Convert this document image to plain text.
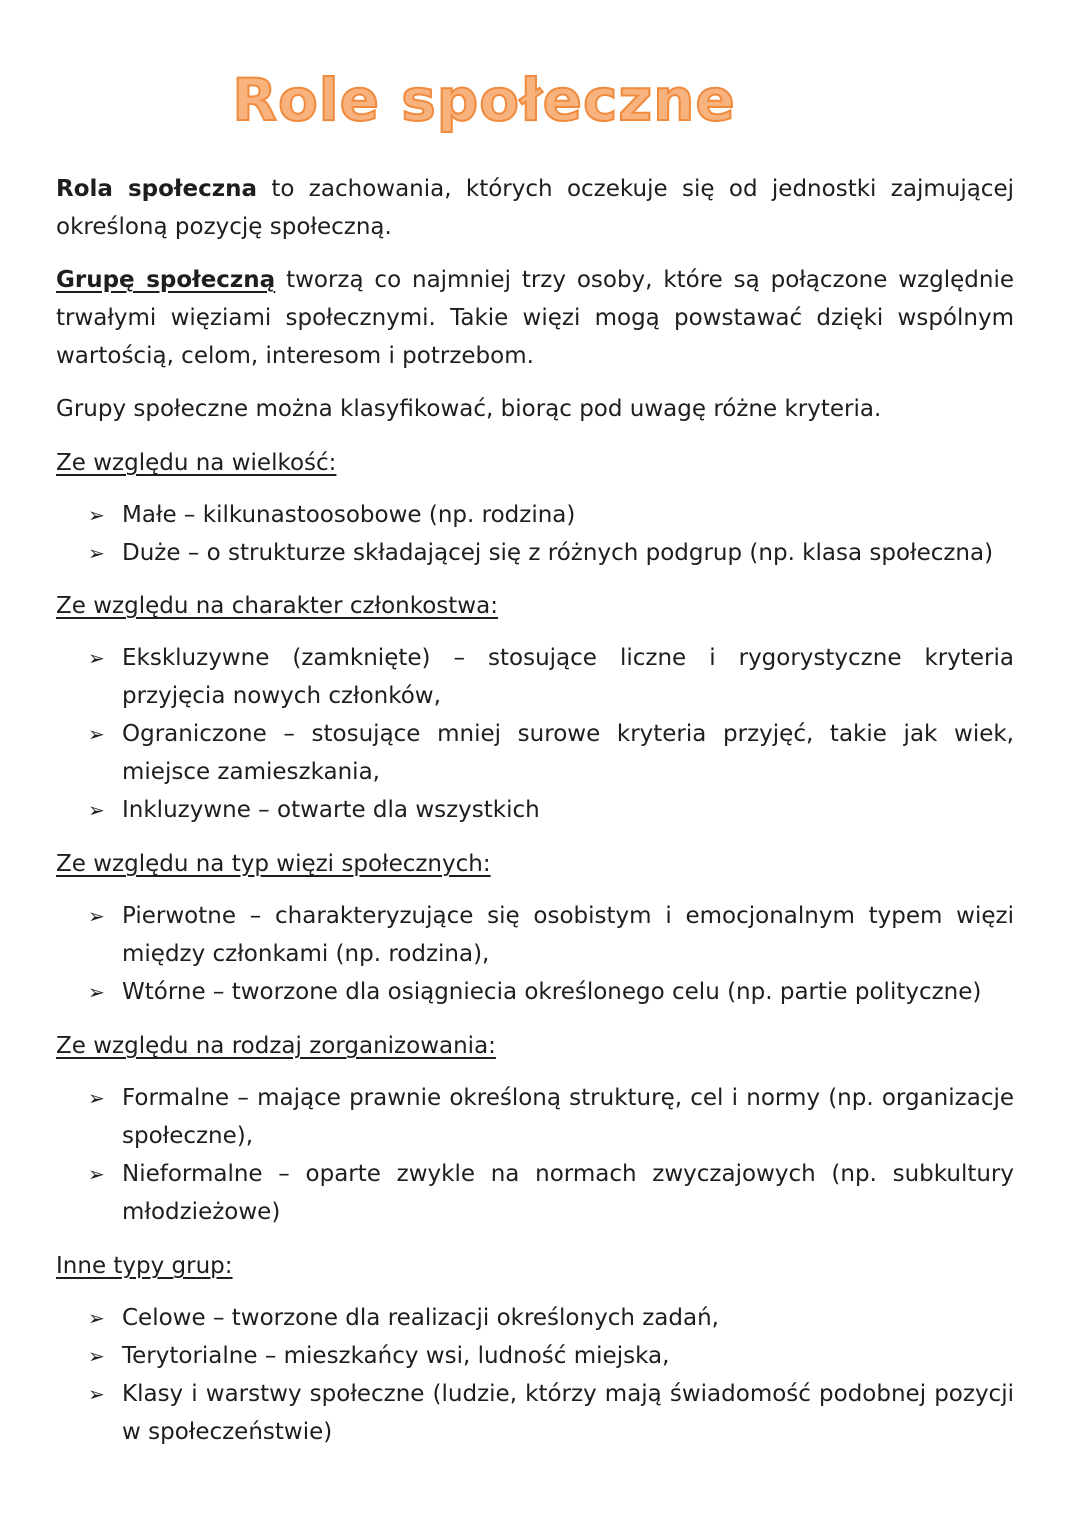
Role społeczne
Rola społeczna to zachowania, których oczekuje się od jednostki zajmującej określoną pozycję społeczną.
Grupę społeczną tworzą co najmniej trzy osoby, które są połączone względnie trwałymi więziami społecznymi. Takie więzi mogą powstawać dzięki wspólnym wartością, celom, interesom i potrzebom.
Grupy społeczne można klasyfikować, biorąc pod uwagę różne kryteria.
Ze względu na wielkość:
➢ Małe – kilkunastoosobowe (np. rodzina)
➢ Duże – o strukturze składającej się z różnych podgrup (np. klasa społeczna)
Ze względu na charakter członkostwa:
➢ Ekskluzywne (zamknięte) – stosujące liczne i rygorystyczne kryteria przyjęcia nowych członków,
➢ Ograniczone – stosujące mniej surowe kryteria przyjęć, takie jak wiek, miejsce zamieszkania,
➢ Inkluzywne – otwarte dla wszystkich
Ze względu na typ więzi społecznych:
➢ Pierwotne – charakteryzujące się osobistym i emocjonalnym typem więzi między członkami (np. rodzina),
➢ Wtórne – tworzone dla osiągniecia określonego celu (np. partie polityczne)
Ze względu na rodzaj zorganizowania:
➢ Formalne – mające prawnie określoną strukturę, cel i normy (np. organizacje społeczne),
➢ Nieformalne – oparte zwykle na normach zwyczajowych (np. subkultury młodzieżowe)
Inne typy grup:
➢ Celowe – tworzone dla realizacji określonych zadań,
➢ Terytorialne – mieszkańcy wsi, ludność miejska,
➢ Klasy i warstwy społeczne (ludzie, którzy mają świadomość podobnej pozycji w społeczeństwie)
